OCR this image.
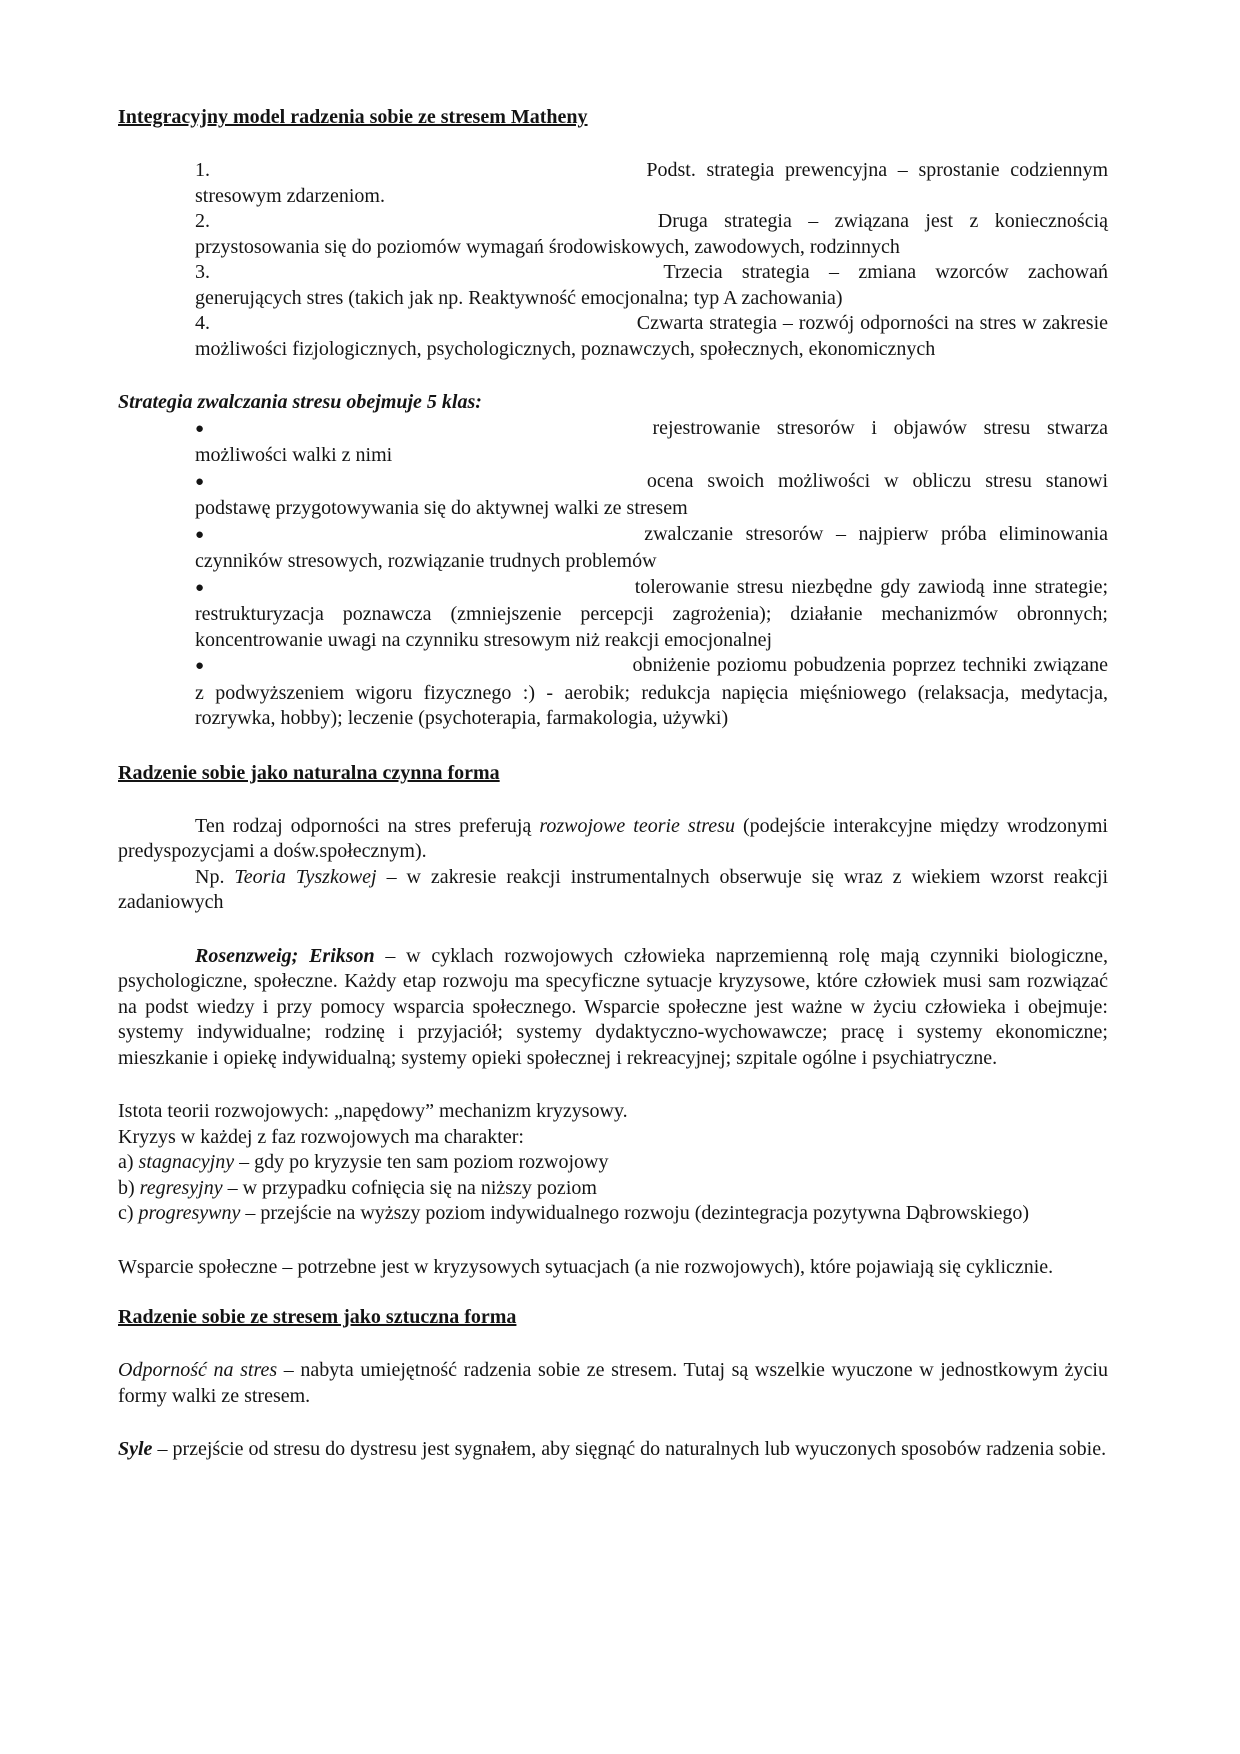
Integracyjny model radzenia sobie ze stresem Matheny

1.	Podst. strategia prewencyjna – sprostanie codziennym stresowym zdarzeniom.

2.	Druga strategia – związana jest z koniecznością przystosowania się do poziomów wymagań środowiskowych, zawodowych, rodzinnych

3.	Trzecia strategia – zmiana wzorców zachowań generujących stres (takich jak np. Reaktywność emocjonalna; typ A zachowania)

4.	Czwarta strategia – rozwój odporności na stres w zakresie możliwości fizjologicznych, psychologicznych, poznawczych, społecznych, ekonomicznych

Strategia zwalczania stresu obejmuje 5 klas:

●	rejestrowanie stresorów i objawów stresu stwarza możliwości walki z nimi

●	ocena swoich możliwości w obliczu stresu stanowi podstawę przygotowywania się do aktywnej walki ze stresem

●	zwalczanie stresorów – najpierw próba eliminowania czynników stresowych, rozwiązanie trudnych problemów

●	tolerowanie stresu niezbędne gdy zawiodą inne strategie; restrukturyzacja poznawcza (zmniejszenie percepcji zagrożenia); działanie mechanizmów obronnych; koncentrowanie uwagi na czynniku stresowym niż reakcji emocjonalnej

●	obniżenie poziomu pobudzenia poprzez techniki związane z podwyższeniem wigoru fizycznego :) - aerobik; redukcja napięcia mięśniowego (relaksacja, medytacja, rozrywka, hobby); leczenie (psychoterapia, farmakologia, używki)

Radzenie sobie jako naturalna czynna forma

Ten rodzaj odporności na stres preferują rozwojowe teorie stresu (podejście interakcyjne między wrodzonymi predyspozycjami a dośw.społecznym).

Np. Teoria Tyszkowej – w zakresie reakcji instrumentalnych obserwuje się wraz z wiekiem wzorst reakcji zadaniowych

Rosenzweig; Erikson – w cyklach rozwojowych człowieka naprzemienną rolę mają czynniki biologiczne, psychologiczne, społeczne. Każdy etap rozwoju ma specyficzne sytuacje kryzysowe, które człowiek musi sam rozwiązać na podst wiedzy i przy pomocy wsparcia społecznego. Wsparcie społeczne jest ważne w życiu człowieka i obejmuje: systemy indywidualne; rodzinę i przyjaciół; systemy dydaktyczno-wychowawcze; pracę i systemy ekonomiczne; mieszkanie i opiekę indywidualną; systemy opieki społecznej i rekreacyjnej; szpitale ogólne i psychiatryczne.

Istota teorii rozwojowych: „napędowy” mechanizm kryzysowy.

Kryzys w każdej z faz rozwojowych ma charakter:

a) stagnacyjny – gdy po kryzysie ten sam poziom rozwojowy

b) regresyjny – w przypadku cofnięcia się na niższy poziom

c) progresywny – przejście na wyższy poziom indywidualnego rozwoju (dezintegracja pozytywna Dąbrowskiego)

Wsparcie społeczne – potrzebne jest w kryzysowych sytuacjach (a nie rozwojowych), które pojawiają się cyklicznie.

Radzenie sobie ze stresem jako sztuczna forma

Odporność na stres – nabyta umiejętność radzenia sobie ze stresem. Tutaj są wszelkie wyuczone w jednostkowym życiu formy walki ze stresem.

Syle – przejście od stresu do dystresu jest sygnałem, aby sięgnąć do naturalnych lub wyuczonych sposobów radzenia sobie.
